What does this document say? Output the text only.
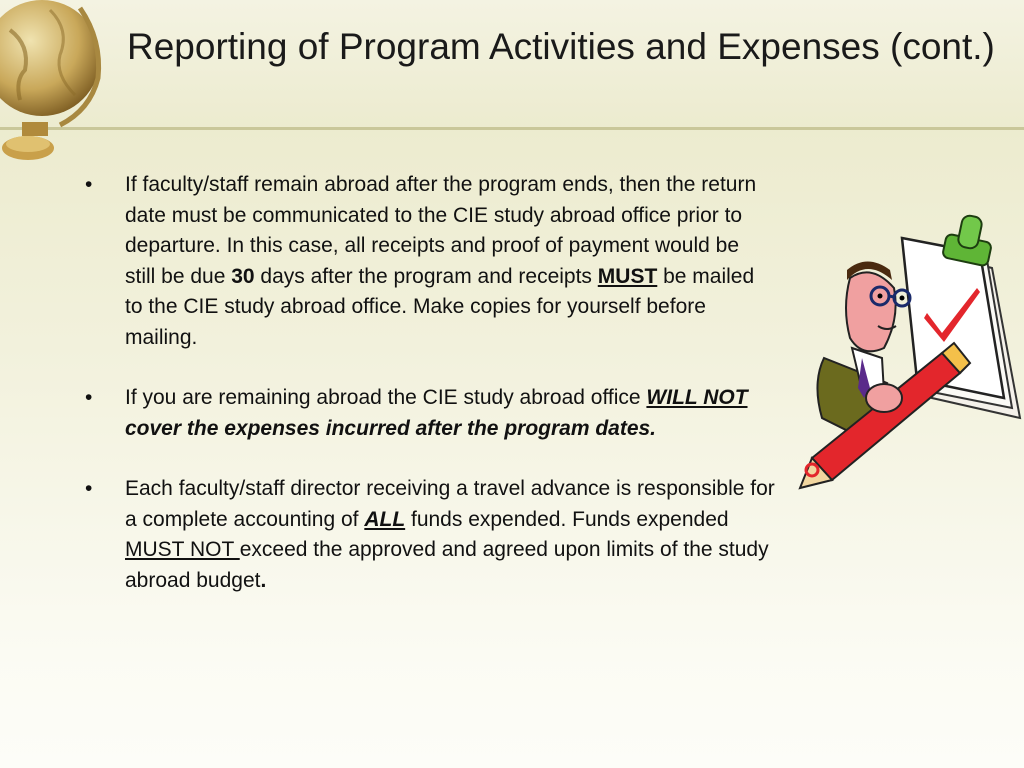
Reporting of Program Activities and Expenses (cont.)
• If faculty/staff remain abroad after the program ends, then the return date must be communicated to the CIE study abroad office prior to departure. In this case, all receipts and proof of payment would be still be due 30 days after the program and receipts MUST be mailed to the CIE study abroad office. Make copies for yourself before mailing.
• If you are remaining abroad the CIE study abroad office WILL NOT cover the expenses incurred after the program dates.
• Each faculty/staff director receiving a travel advance is responsible for a complete accounting of ALL funds expended. Funds expended MUST NOT exceed the approved and agreed upon limits of the study abroad budget.
